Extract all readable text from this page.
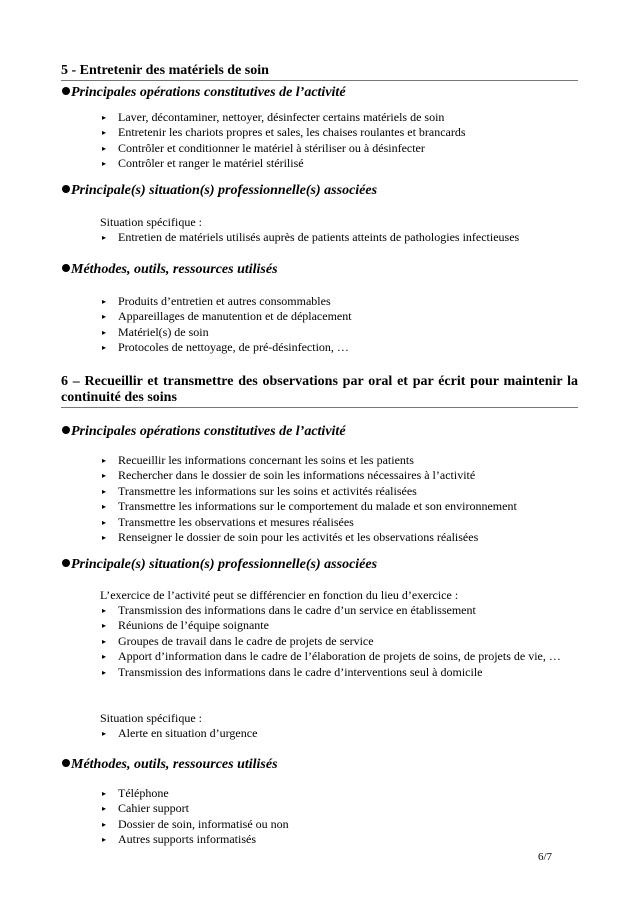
5 - Entretenir des matériels de soin
Principales opérations constitutives de l’activité
▸ Laver, décontaminer, nettoyer, désinfecter certains matériels de soin
▸ Entretenir les chariots propres et sales, les chaises roulantes et brancards
▸ Contrôler et conditionner le matériel à stériliser ou à désinfecter
▸ Contrôler et ranger le matériel stérilisé
Principale(s) situation(s) professionnelle(s) associées
Situation spécifique :
▸ Entretien de matériels utilisés auprès de patients atteints de pathologies infectieuses
Méthodes, outils, ressources utilisés
▸ Produits d’entretien et autres consommables
▸ Appareillages de manutention et de déplacement
▸ Matériel(s) de soin
▸ Protocoles de nettoyage, de pré-désinfection, …
6 – Recueillir et transmettre des observations par oral et par écrit pour maintenir la continuité des soins
Principales opérations constitutives de l’activité
▸ Recueillir les informations concernant les soins et les patients
▸ Rechercher dans le dossier de soin les informations nécessaires à l’activité
▸ Transmettre les informations sur les soins et activités réalisées
▸ Transmettre les informations sur le comportement du malade et son environnement
▸ Transmettre les observations et mesures réalisées
▸ Renseigner le dossier de soin pour les activités et les observations réalisées
Principale(s) situation(s) professionnelle(s) associées
L’exercice de l’activité peut se différencier en fonction du lieu d’exercice :
▸ Transmission des informations dans le cadre d’un service en établissement
▸ Réunions de l’équipe soignante
▸ Groupes de travail dans le cadre de projets de service
▸ Apport d’information dans le cadre de l’élaboration de projets de soins, de projets de vie, …
▸ Transmission des informations dans le cadre d’interventions seul à domicile
Situation spécifique :
▸ Alerte en situation d’urgence
Méthodes, outils, ressources utilisés
▸ Téléphone
▸ Cahier support
▸ Dossier de soin, informatisé ou non
▸ Autres supports informatisés
6/7
